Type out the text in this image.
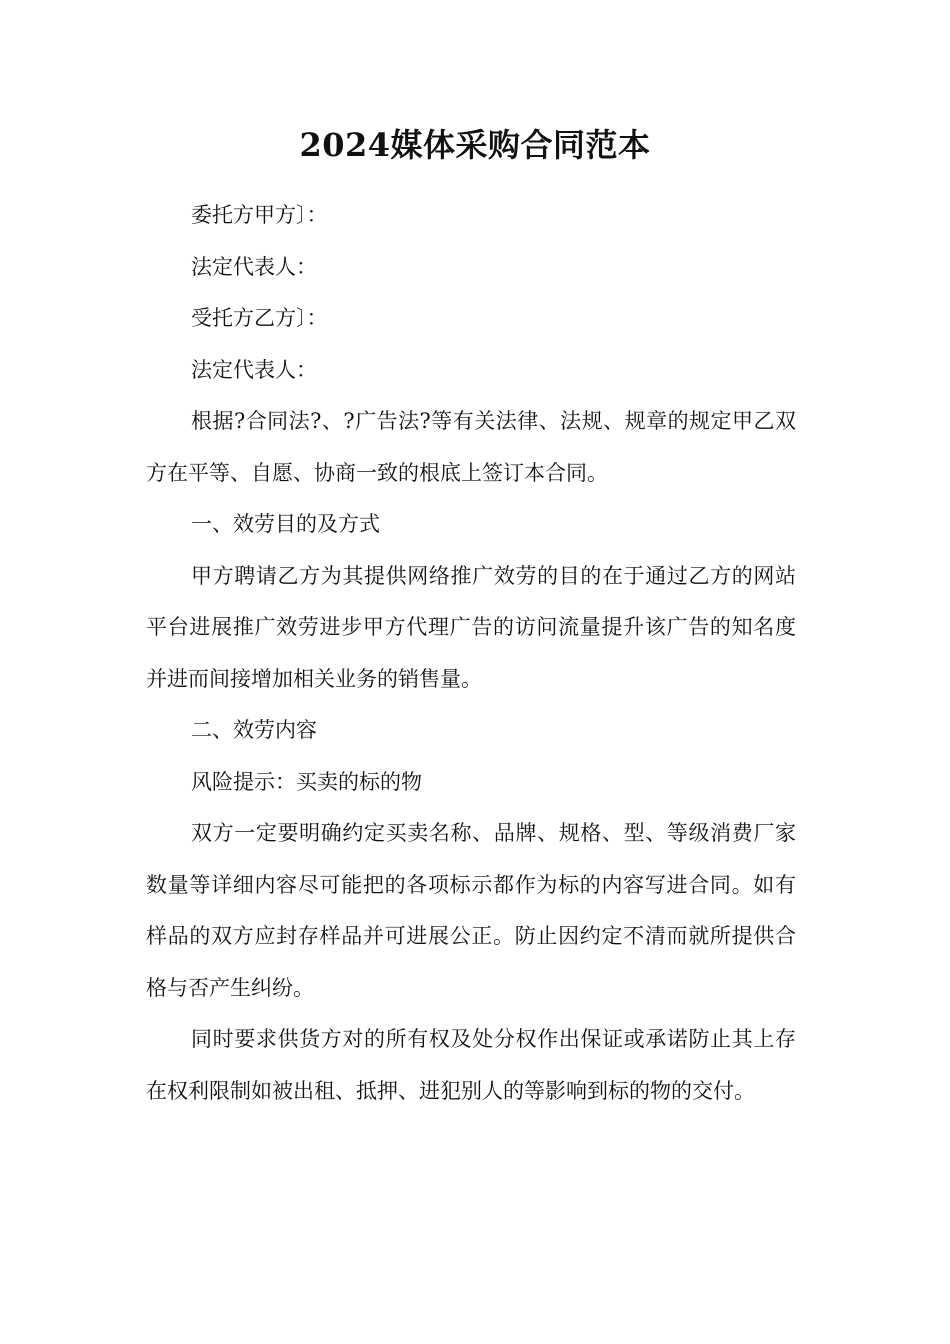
2024媒体采购合同范本

委托方甲方〕：

法定代表人：

受托方乙方〕：

法定代表人：

根据?合同法?、?广告法?等有关法律、法规、规章的规定甲乙双方在平等、自愿、协商一致的根底上签订本合同。

一、效劳目的及方式

甲方聘请乙方为其提供网络推广效劳的目的在于通过乙方的网站平台进展推广效劳进步甲方代理广告的访问流量提升该广告的知名度并进而间接增加相关业务的销售量。

二、效劳内容

风险提示：买卖的标的物

双方一定要明确约定买卖名称、品牌、规格、型、等级消费厂家数量等详细内容尽可能把的各项标示都作为标的内容写进合同。如有样品的双方应封存样品并可进展公正。防止因约定不清而就所提供合格与否产生纠纷。

同时要求供货方对的所有权及处分权作出保证或承诺防止其上存在权利限制如被出租、抵押、进犯别人的等影响到标的物的交付。
